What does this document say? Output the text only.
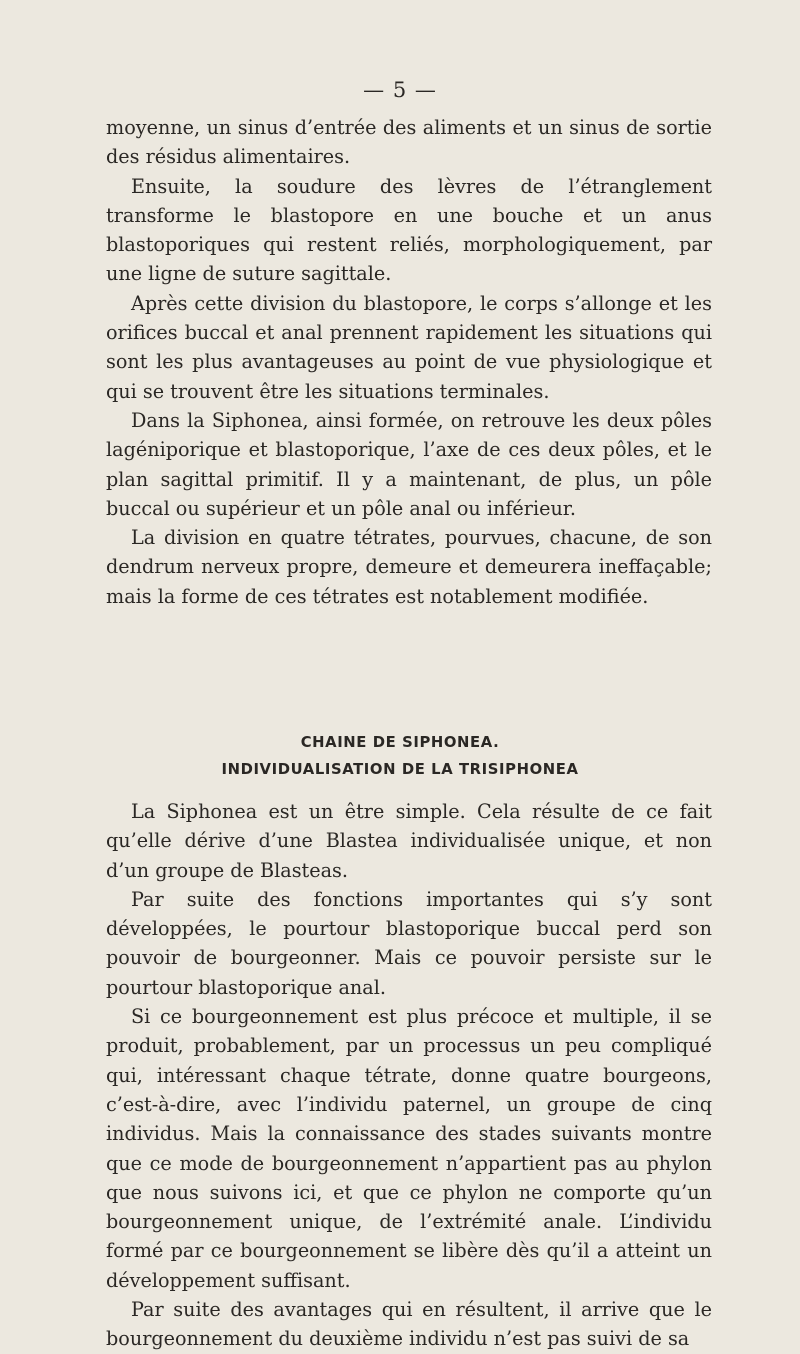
— 5 —

moyenne, un sinus d’entrée des aliments et un sinus de sortie des résidus alimentaires.

Ensuite, la soudure des lèvres de l’étranglement transforme le blastopore en une bouche et un anus blastoporiques qui restent reliés, morphologiquement, par une ligne de suture sagittale.

Après cette division du blastopore, le corps s’allonge et les orifices buccal et anal prennent rapidement les situations qui sont les plus avantageuses au point de vue physiologique et qui se trouvent être les situations terminales.

Dans la Siphonea, ainsi formée, on retrouve les deux pôles lagéniporique et blastoporique, l’axe de ces deux pôles, et le plan sagittal primitif. Il y a maintenant, de plus, un pôle buccal ou supérieur et un pôle anal ou inférieur.

La division en quatre tétrates, pourvues, chacune, de son dendrum nerveux propre, demeure et demeurera ineffaçable; mais la forme de ces tétrates est notablement modifiée.

CHAINE DE SIPHONEA.
INDIVIDUALISATION DE LA TRISIPHONEA

La Siphonea est un être simple. Cela résulte de ce fait qu’elle dérive d’une Blastea individualisée unique, et non d’un groupe de Blasteas.

Par suite des fonctions importantes qui s’y sont développées, le pourtour blastoporique buccal perd son pouvoir de bourgeonner. Mais ce pouvoir persiste sur le pourtour blastoporique anal.

Si ce bourgeonnement est plus précoce et multiple, il se produit, probablement, par un processus un peu compliqué qui, intéressant chaque tétrate, donne quatre bourgeons, c’est-à-dire, avec l’individu paternel, un groupe de cinq individus. Mais la connaissance des stades suivants montre que ce mode de bourgeonnement n’appartient pas au phylon que nous suivons ici, et que ce phylon ne comporte qu’un bourgeonnement unique, de l’extrémité anale. L’individu formé par ce bourgeonnement se libère dès qu’il a atteint un développement suffisant.

Par suite des avantages qui en résultent, il arrive que le bourgeonnement du deuxième individu n’est pas suivi de sa
